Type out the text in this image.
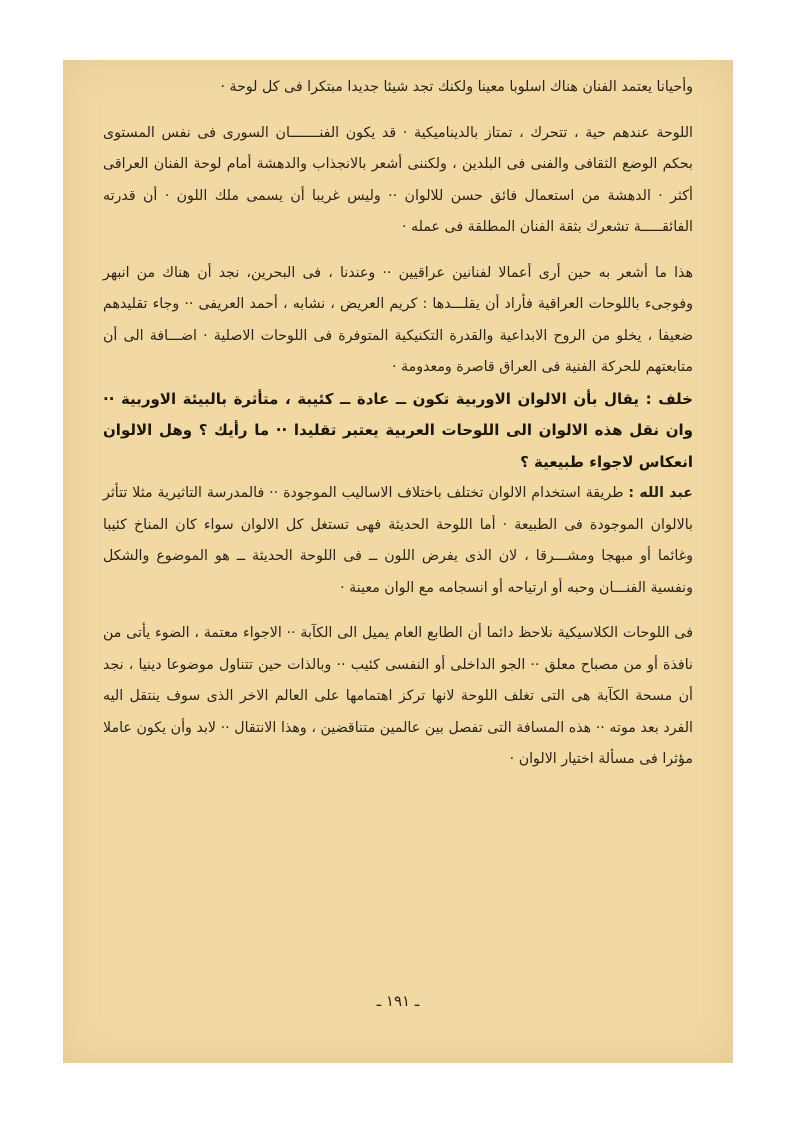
وأحيانا يعتمد الفنان هناك اسلوبا معينا ولكنك تجد شيئا جديدا مبتكرا فى كل لوحة ·

اللوحة عندهم حية ، تتحرك ، تمتاز بالديناميكية · قد يكون الفنـــــــان السورى فى نفس المستوى بحكم الوضع الثقافى والفنى فى البلدين ، ولكننى أشعر بالانجذاب والدهشة أمام لوحة الفنان العراقى أكثر · الدهشة من استعمال فائق حسن للالوان ·· وليس غريبا أن يسمى ملك اللون · أن قدرته الفائقـــــة تشعرك بثقة الفنان المطلقة فى عمله ·

هذا ما أشعر به حين أرى أعمالا لفنانين عراقيين ·· وعندنا ، فى البحرين، نجد أن هناك من انبهر وفوجىء باللوحات العراقية فأراد أن يقلـــدها : كريم العريض ، نشابه ، أحمد العريفى ·· وجاء تقليدهم ضعيفا ، يخلو من الروح الابداعية والقدرة التكنيكية المتوفرة فى اللوحات الاصلية · اضـــافة الى أن متابعتهم للحركة الفنية فى العراق قاصرة ومعدومة ·

خلف : يقال بأن الالوان الاوربية تكون ــ عادة ــ كئيبة ، متأثرة بالبيئة الاوربية ·· وان نقل هذه الالوان الى اللوحات العربية يعتبر تقليدا ·· ما رأيك ؟ وهل الالوان انعكاس لاجواء طبيعية ؟

عبد الله : طريقة استخدام الالوان تختلف باختلاف الاساليب الموجودة ·· فالمدرسة التاثيرية مثلا تتأثر بالالوان الموجودة فى الطبيعة · أما اللوحة الحديثة فهى تستغل كل الالوان سواء كان المناخ كئيبا وغائما أو مبهجا ومشـــرقا ، لان الذى يفرض اللون ــ فى اللوحة الحديثة ــ هو الموضوع والشكل ونفسية الفنـــان وحبه أو ارتياحه أو انسجامه مع الوان معينة ·

فى اللوحات الكلاسيكية نلاحظ دائما أن الطابع العام يميل الى الكآبة ·· الاجواء معتمة ، الضوء يأتى من نافذة أو من مصباح معلق ·· الجو الداخلى أو النفسى كئيب ·· وبالذات حين تتناول موضوعا دينيا ، نجد أن مسحة الكآبة هى التى تغلف اللوحة لانها تركز اهتمامها على العالم الاخر الذى سوف ينتقل اليه الفرد بعد موته ·· هذه المسافة التى تفصل بين عالمين متناقضين ، وهذا الانتقال ·· لابد وأن يكون عاملا مؤثرا فى مسألة اختيار الالوان ·

ـ ١٩١ ـ
